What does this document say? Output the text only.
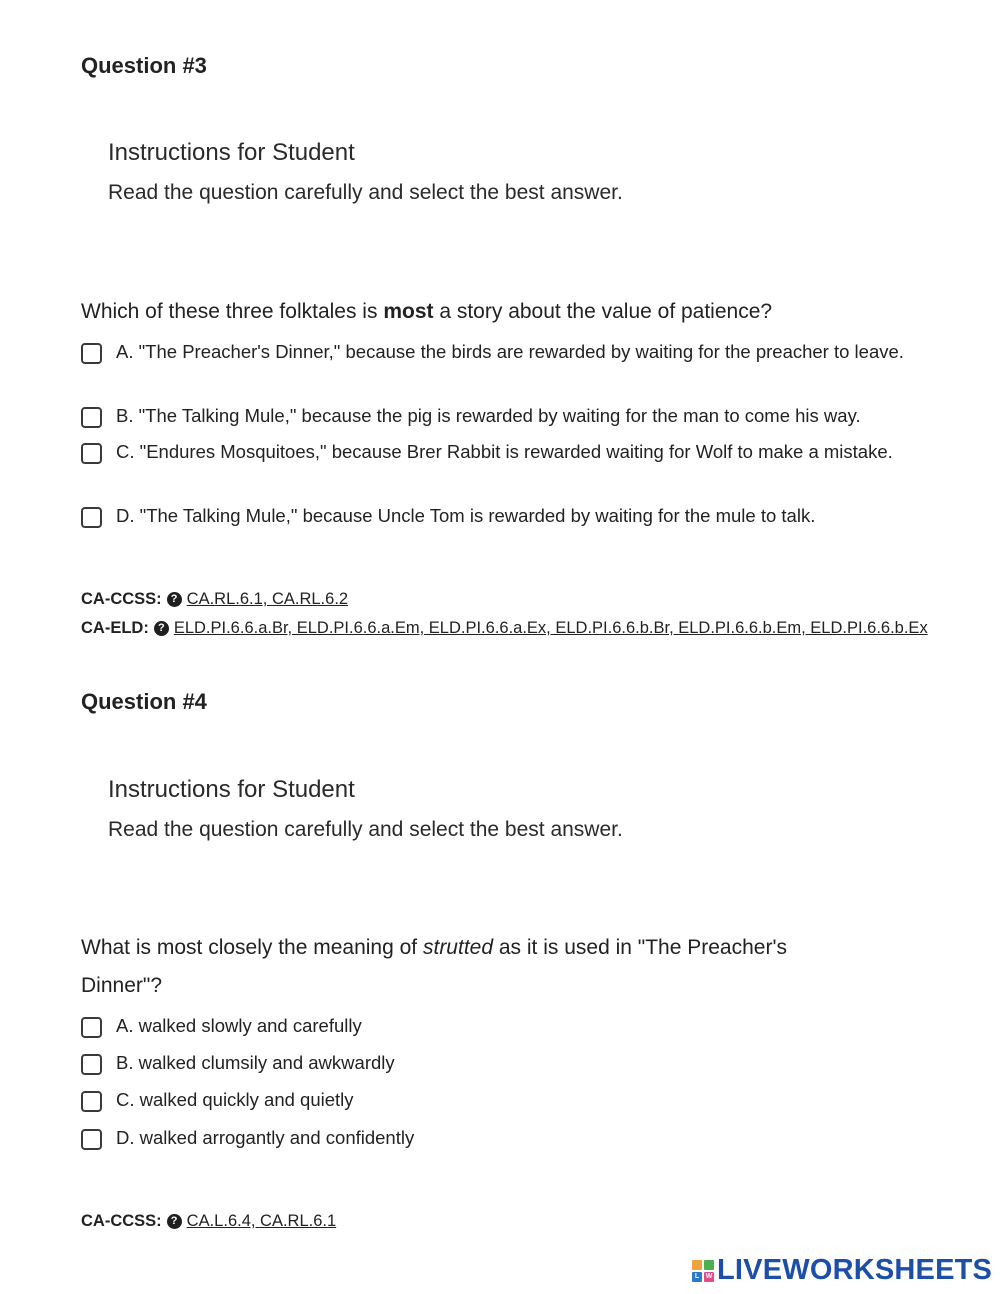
Question #3
Instructions for Student
Read the question carefully and select the best answer.
Which of these three folktales is most a story about the value of patience?
A. "The Preacher's Dinner," because the birds are rewarded by waiting for the preacher to leave.
B. "The Talking Mule," because the pig is rewarded by waiting for the man to come his way.
C. "Endures Mosquitoes," because Brer Rabbit is rewarded waiting for Wolf to make a mistake.
D. "The Talking Mule," because Uncle Tom is rewarded by waiting for the mule to talk.
CA-CCSS: ? CA.RL.6.1, CA.RL.6.2
CA-ELD: ? ELD.PI.6.6.a.Br, ELD.PI.6.6.a.Em, ELD.PI.6.6.a.Ex, ELD.PI.6.6.b.Br, ELD.PI.6.6.b.Em, ELD.PI.6.6.b.Ex
Question #4
Instructions for Student
Read the question carefully and select the best answer.
What is most closely the meaning of strutted as it is used in "The Preacher's Dinner"?
A. walked slowly and carefully
B. walked clumsily and awkwardly
C. walked quickly and quietly
D. walked arrogantly and confidently
CA-CCSS: ? CA.L.6.4, CA.RL.6.1
L W LIVEWORKSHEETS
